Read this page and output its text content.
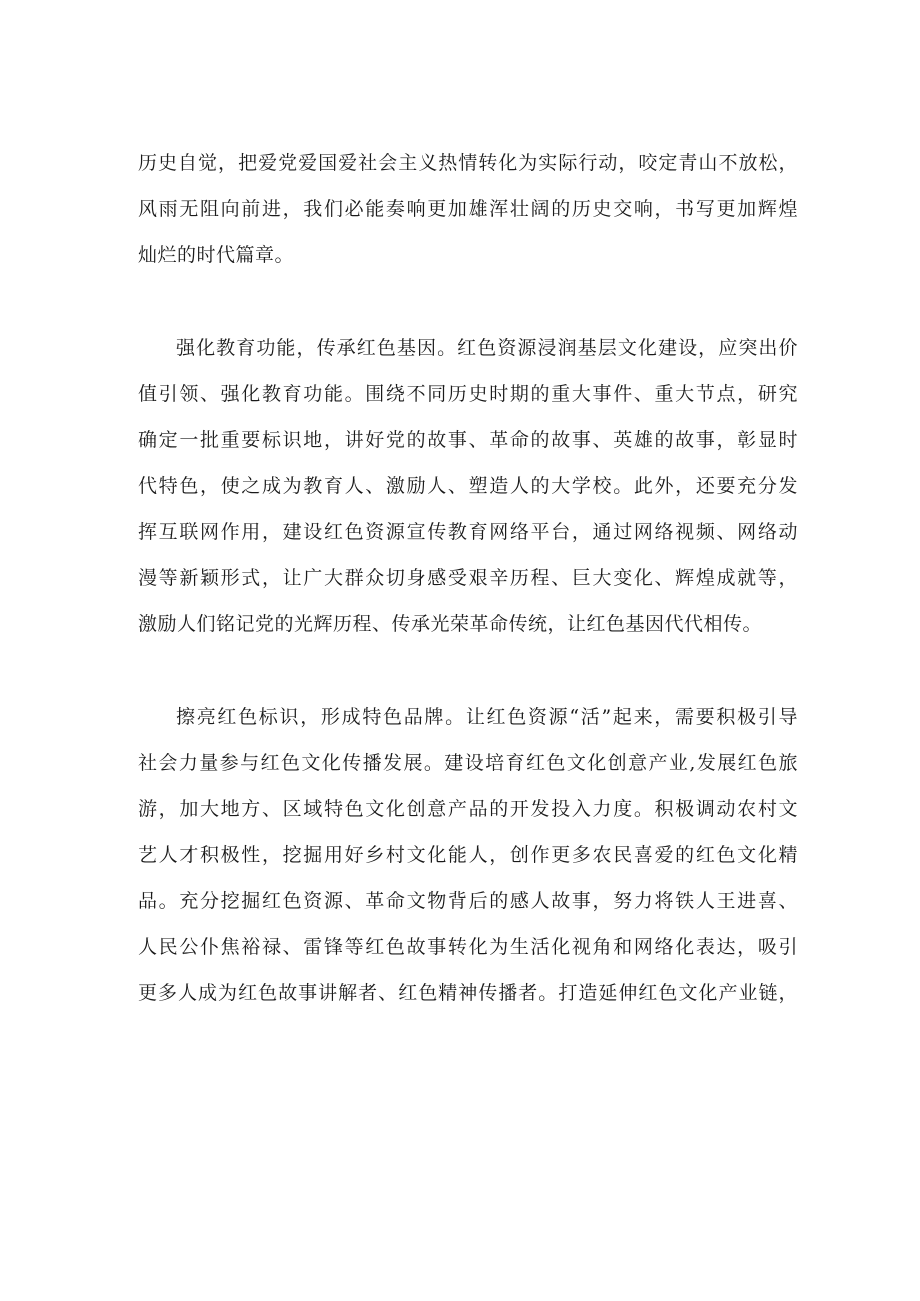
历史自觉，把爱党爱国爱社会主义热情转化为实际行动，咬定青山不放松，
风雨无阻向前进，我们必能奏响更加雄浑壮阔的历史交响，书写更加辉煌
灿烂的时代篇章。
强化教育功能，传承红色基因。红色资源浸润基层文化建设，应突出价
值引领、强化教育功能。围绕不同历史时期的重大事件、重大节点，研究
确定一批重要标识地，讲好党的故事、革命的故事、英雄的故事，彰显时
代特色，使之成为教育人、激励人、塑造人的大学校。此外，还要充分发
挥互联网作用，建设红色资源宣传教育网络平台，通过网络视频、网络动
漫等新颖形式，让广大群众切身感受艰辛历程、巨大变化、辉煌成就等，
激励人们铭记党的光辉历程、传承光荣革命传统，让红色基因代代相传。
擦亮红色标识，形成特色品牌。让红色资源“活”起来，需要积极引导
社会力量参与红色文化传播发展。建设培育红色文化创意产业,发展红色旅
游，加大地方、区域特色文化创意产品的开发投入力度。积极调动农村文
艺人才积极性，挖掘用好乡村文化能人，创作更多农民喜爱的红色文化精
品。充分挖掘红色资源、革命文物背后的感人故事，努力将铁人王进喜、
人民公仆焦裕禄、雷锋等红色故事转化为生活化视角和网络化表达，吸引
更多人成为红色故事讲解者、红色精神传播者。打造延伸红色文化产业链，
